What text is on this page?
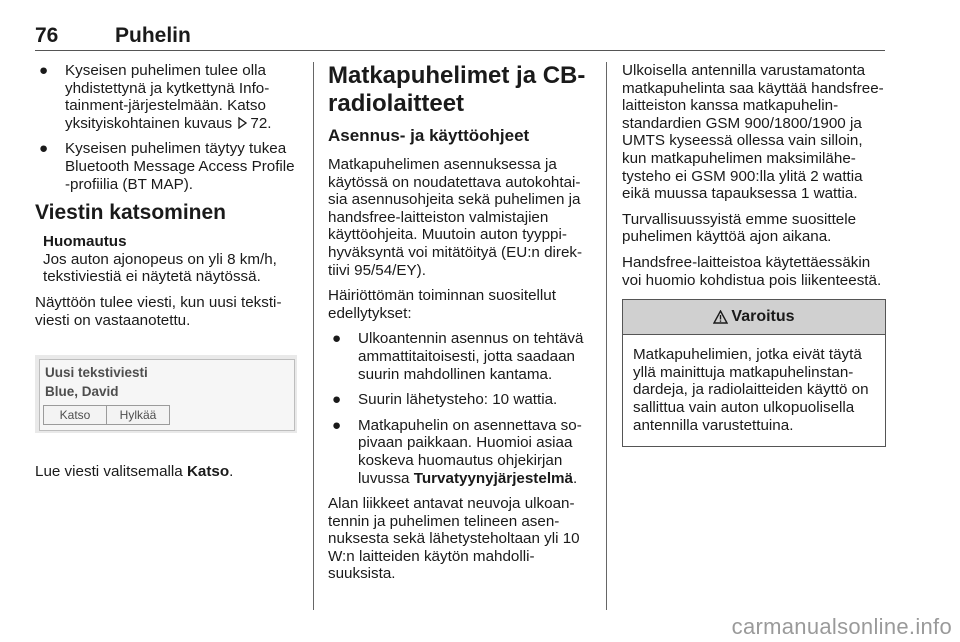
76	Puhelin
● Kyseisen puhelimen tulee olla yhdistettynä ja kytkettynä Infotainment-järjestelmään. Katso yksityiskohtainen kuvaus 72.
● Kyseisen puhelimen täytyy tukea Bluetooth Message Access Profile -profiilia (BT MAP).
Viestin katsominen
Huomautus
Jos auton ajonopeus on yli 8 km/h, tekstiviestiä ei näytetä näytössä.

Näyttöön tulee viesti, kun uusi tekstiviesti on vastaanotettu.

Uusi tekstiviesti
Blue, David
Katso	Hylkää

Lue viesti valitsemalla Katso.

Matkapuhelimet ja CB-radiolaitteet
Asennus- ja käyttöohjeet

Matkapuhelimen asennuksessa ja käytössä on noudatettava autokohtaisia asennusohjeita sekä puhelimen ja handsfree-laitteiston valmistajien käyttöohjeita. Muutoin auton tyyppihyväksyntä voi mitätöityä (EU:n direktiivi 95/54/EY).

Häiriöttömän toiminnan suositellut edellytykset:

● Ulkoantennin asennus on tehtävä ammattitaitoisesti, jotta saadaan suurin mahdollinen kantama.
● Suurin lähetysteho: 10 wattia.
● Matkapuhelin on asennettava sopivaan paikkaan. Huomioi asiaa koskeva huomautus ohjekirjan luvussa Turvatyynyjärjestelmä.

Alan liikkeet antavat neuvoja ulkoantennin ja puhelimen telineen asennuksesta sekä lähetysteholtaan yli 10 W:n laitteiden käytön mahdollisuuksista.

Ulkoisella antennilla varustamatonta matkapuhelinta saa käyttää handsfree-laitteiston kanssa matkapuhelinstandardien GSM 900/1800/1900 ja UMTS kyseessä ollessa vain silloin, kun matkapuhelimen maksimilähetysteho ei GSM 900:lla ylitä 2 wattia eikä muussa tapauksessa 1 wattia.

Turvallisuussyistä emme suosittele puhelimen käyttöä ajon aikana.

Handsfree-laitteistoa käytettäessäkin voi huomio kohdistua pois liikenteestä.

Varoitus
Matkapuhelimien, jotka eivät täytä yllä mainittuja matkapuhelinstandardeja, ja radiolaitteiden käyttö on sallittua vain auton ulkopuolisella antennilla varustettuina.
carmanualsonline.info
